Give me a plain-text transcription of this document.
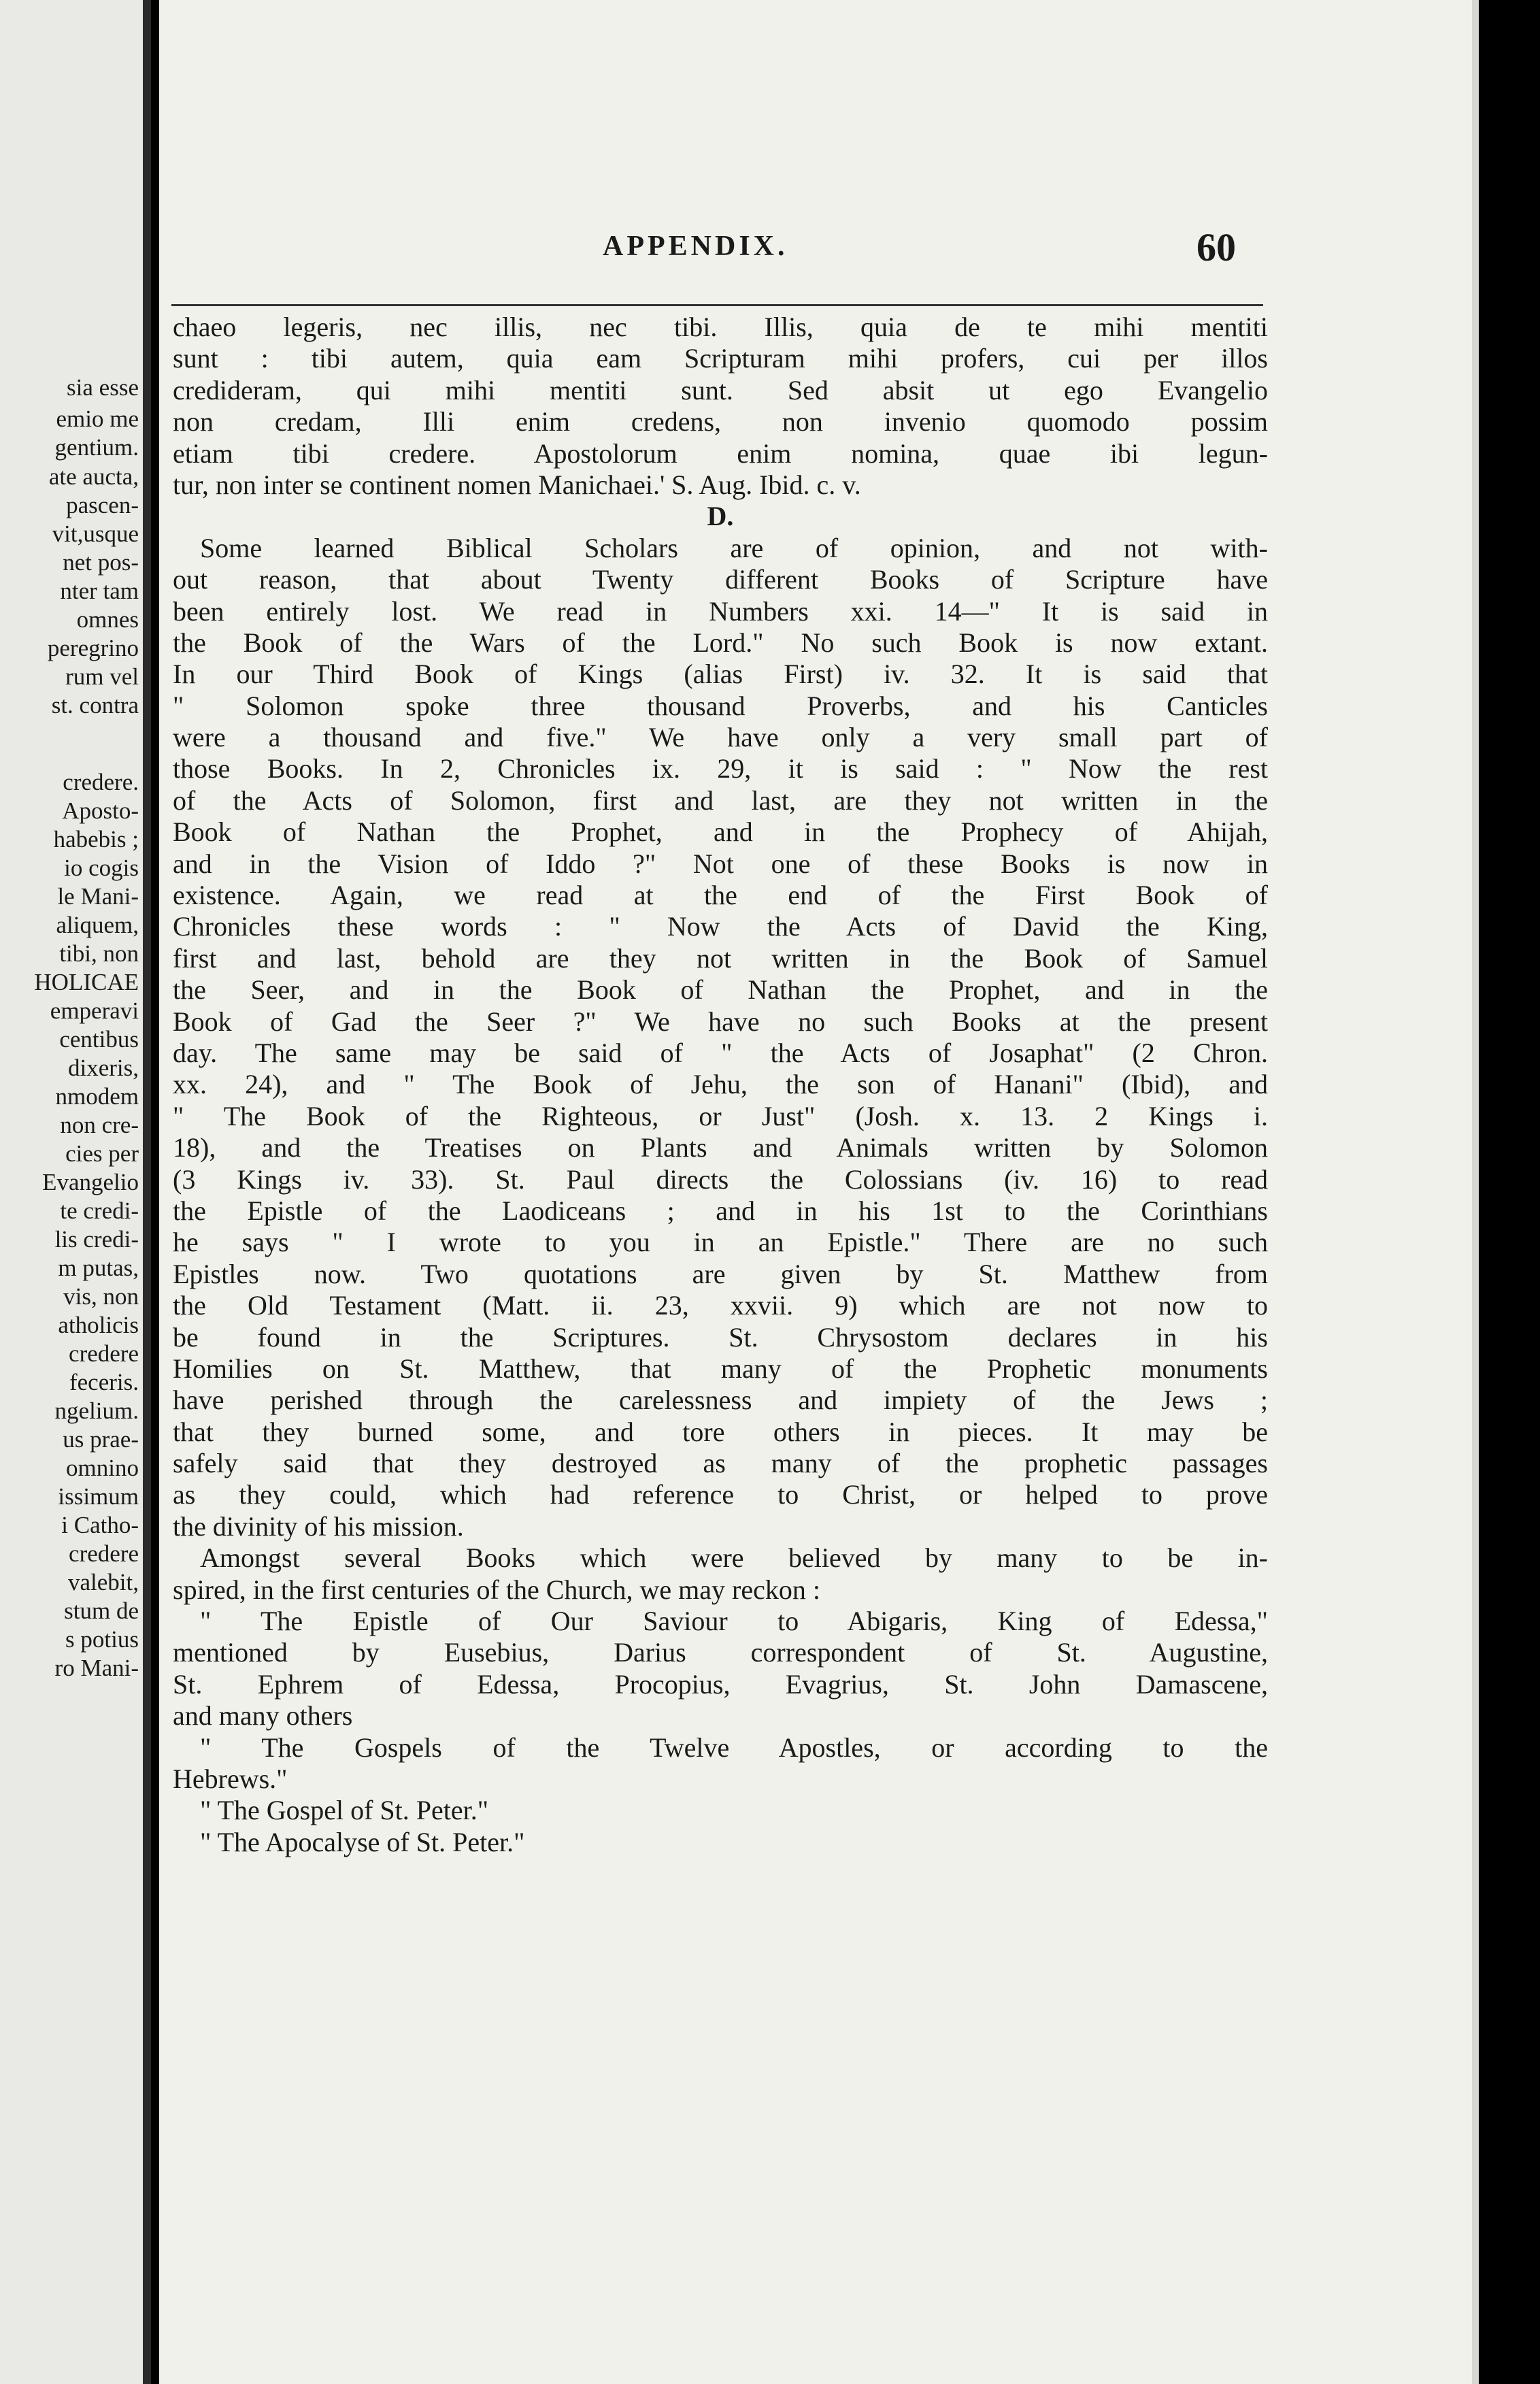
sia esse
emio me
gentium.
ate aucta,
pascen-
vit,usque
net pos-
nter tam
omnes
peregrino
rum vel
st. contra
credere.
Aposto-
habebis ;
io cogis
le Mani-
aliquem,
tibi, non
HOLICAE
emperavi
centibus
dixeris,
nmodem
non cre-
cies per
Evangelio
te credi-
lis credi-
m putas,
vis, non
atholicis
credere
feceris.
ngelium.
us prae-
omnino
issimum
i Catho-
credere
valebit,
stum de
s potius
ro Mani-
APPENDIX.	60
chaeo legeris, nec illis, nec tibi. Illis, quia de te mihi mentiti
sunt : tibi autem, quia eam Scripturam mihi profers, cui per illos
credideram, qui mihi mentiti sunt. Sed absit ut ego Evangelio
non credam, Illi enim credens, non invenio quomodo possim
etiam tibi credere. Apostolorum enim nomina, quae ibi legun-
tur, non inter se continent nomen Manichaei.' S. Aug. Ibid. c. v.
D.
Some learned Biblical Scholars are of opinion, and not with-
out reason, that about Twenty different Books of Scripture have
been entirely lost. We read in Numbers xxi. 14—" It is said in
the Book of the Wars of the Lord." No such Book is now extant.
In our Third Book of Kings (alias First) iv. 32. It is said that
" Solomon spoke three thousand Proverbs, and his Canticles
were a thousand and five." We have only a very small part of
those Books. In 2, Chronicles ix. 29, it is said : " Now the rest
of the Acts of Solomon, first and last, are they not written in the
Book of Nathan the Prophet, and in the Prophecy of Ahijah,
and in the Vision of Iddo ?" Not one of these Books is now in
existence. Again, we read at the end of the First Book of
Chronicles these words : " Now the Acts of David the King,
first and last, behold are they not written in the Book of Samuel
the Seer, and in the Book of Nathan the Prophet, and in the
Book of Gad the Seer ?" We have no such Books at the present
day. The same may be said of " the Acts of Josaphat" (2 Chron.
xx. 24), and " The Book of Jehu, the son of Hanani" (Ibid), and
" The Book of the Righteous, or Just" (Josh. x. 13. 2 Kings i.
18), and the Treatises on Plants and Animals written by Solomon
(3 Kings iv. 33). St. Paul directs the Colossians (iv. 16) to read
the Epistle of the Laodiceans ; and in his 1st to the Corinthians
he says " I wrote to you in an Epistle." There are no such
Epistles now. Two quotations are given by St. Matthew from
the Old Testament (Matt. ii. 23, xxvii. 9) which are not now to
be found in the Scriptures. St. Chrysostom declares in his
Homilies on St. Matthew, that many of the Prophetic monuments
have perished through the carelessness and impiety of the Jews ;
that they burned some, and tore others in pieces. It may be
safely said that they destroyed as many of the prophetic passages
as they could, which had reference to Christ, or helped to prove
the divinity of his mission.
Amongst several Books which were believed by many to be in-
spired, in the first centuries of the Church, we may reckon :
" The Epistle of Our Saviour to Abigaris, King of Edessa,"
mentioned by Eusebius, Darius correspondent of St. Augustine,
St. Ephrem of Edessa, Procopius, Evagrius, St. John Damascene,
and many others
" The Gospels of the Twelve Apostles, or according to the
Hebrews."
" The Gospel of St. Peter."
" The Apocalyse of St. Peter."
